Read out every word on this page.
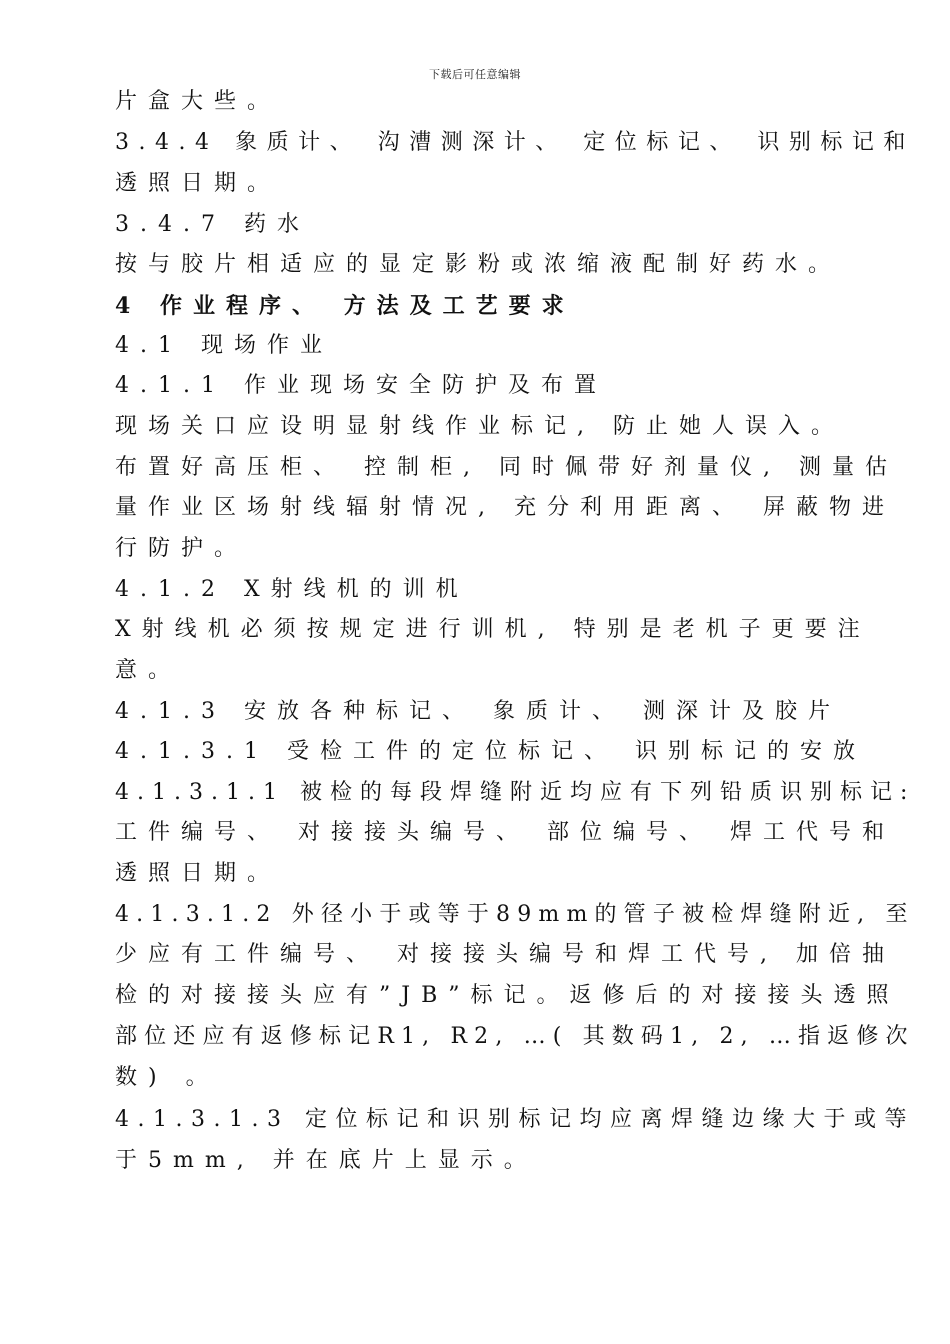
下载后可任意编辑
片盒大些。
3.4.4 象质计、 沟漕测深计、 定位标记、 识别标记和
透照日期。
3.4.7 药水
按与胶片相适应的显定影粉或浓缩液配制好药水。
4 作业程序、 方法及工艺要求
4.1 现场作业
4.1.1 作业现场安全防护及布置
现场关口应设明显射线作业标记, 防止她人误入。
布置好高压柜、 控制柜, 同时佩带好剂量仪, 测量估
量作业区场射线辐射情况, 充分利用距离、 屏蔽物进
行防护。
4.1.2 X射线机的训机
X射线机必须按规定进行训机, 特别是老机子更要注
意。
4.1.3 安放各种标记、 象质计、 测深计及胶片
4.1.3.1 受检工件的定位标记、 识别标记的安放
4.1.3.1.1 被检的每段焊缝附近均应有下列铅质识别标记:
工件编号、 对接接头编号、 部位编号、 焊工代号和
透照日期。
4.1.3.1.2 外径小于或等于89mm的管子被检焊缝附近, 至
少应有工件编号、 对接接头编号和焊工代号, 加倍抽
检的对接接头应有”JB”标记。返修后的对接接头透照
部位还应有返修标记R1, R2, …( 其数码1, 2, …指返修次
数) 。
4.1.3.1.3 定位标记和识别标记均应离焊缝边缘大于或等
于5mm, 并在底片上显示。
